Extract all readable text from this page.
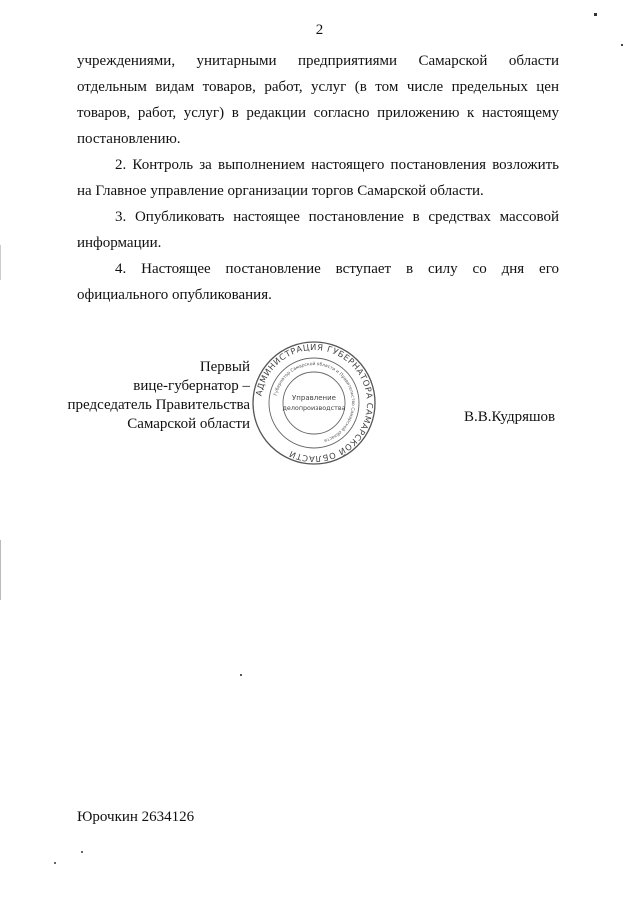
2

учреждениями, унитарными предприятиями Самарской области отдельным видам товаров, работ, услуг (в том числе предельных цен товаров, работ, услуг) в редакции согласно приложению к настоящему постановлению.

2. Контроль за выполнением настоящего постановления возложить на Главное управление организации торгов Самарской области.

3. Опубликовать настоящее постановление в средствах массовой информации.

4. Настоящее постановление вступает в силу со дня его официального опубликования.

Первый
вице-губернатор –
председатель Правительства
Самарской области
АДМИНИСТРАЦИЯ ГУБЕРНАТОРА САМАРСКОЙ ОБЛАСТИ
Губернатор Самарской области и Правительство Самарской области
Управление
делопроизводства
В.В.Кудряшов
Юрочкин 2634126
